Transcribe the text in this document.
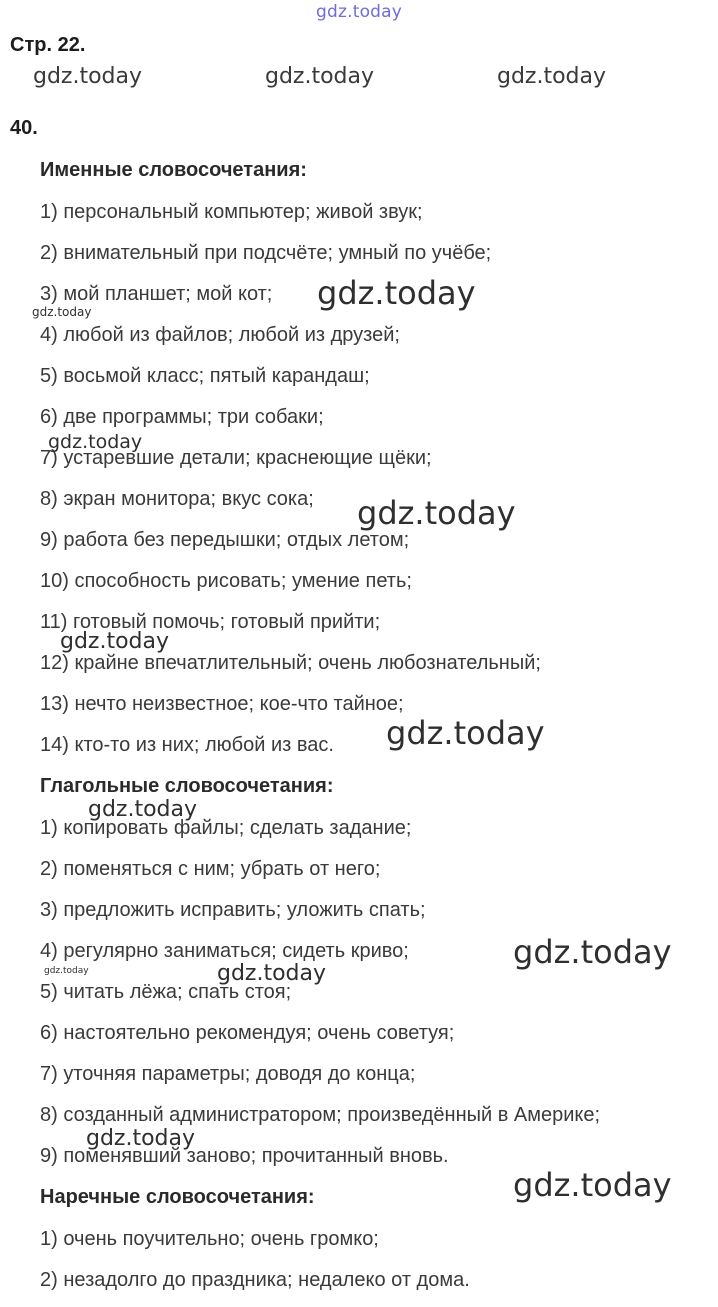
gdz.today
Стр. 22.
gdz.today	gdz.today	gdz.today
40.
Именные словосочетания:
1) персональный компьютер; живой звук;
2) внимательный при подсчёте; умный по учёбе;
3) мой планшет; мой кот;
4) любой из файлов; любой из друзей;
5) восьмой класс; пятый карандаш;
6) две программы; три собаки;
7) устаревшие детали; краснеющие щёки;
8) экран монитора; вкус сока;
9) работа без передышки; отдых летом;
10) способность рисовать; умение петь;
11) готовый помочь; готовый прийти;
12) крайне впечатлительный; очень любознательный;
13) нечто неизвестное; кое-что тайное;
14) кто-то из них; любой из вас.
Глагольные словосочетания:
1) копировать файлы; сделать задание;
2) поменяться с ним; убрать от него;
3) предложить исправить; уложить спать;
4) регулярно заниматься; сидеть криво;
5) читать лёжа; спать стоя;
6) настоятельно рекомендуя; очень советуя;
7) уточняя параметры; доводя до конца;
8) созданный администратором; произведённый в Америке;
9) поменявший заново; прочитанный вновь.
Наречные словосочетания:
1) очень поучительно; очень громко;
2) незадолго до праздника; недалеко от дома.
gdz.today
gdz.today
gdz.today
gdz.today
gdz.today
gdz.today
gdz.today
gdz.today
gdz.today	gdz.today
gdz.today
gdz.today
